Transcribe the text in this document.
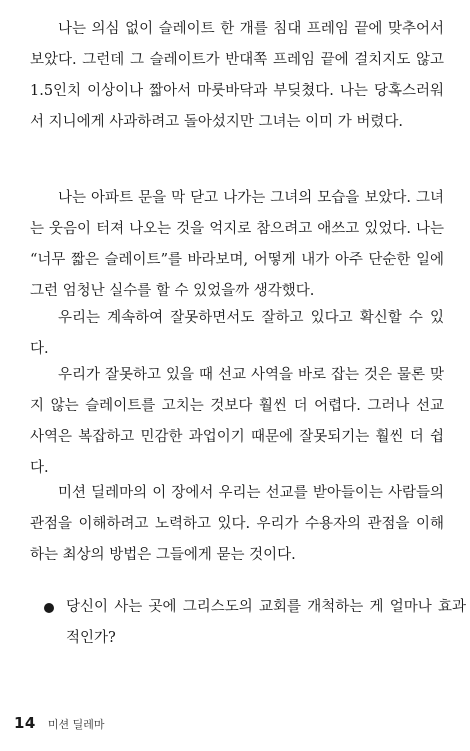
나는 의심 없이 슬레이트 한 개를 침대 프레임 끝에 맞추어서 보았다. 그런데 그 슬레이트가 반대쪽 프레임 끝에 걸치지도 않고 1.5인치 이상이나 짧아서 마룻바닥과 부딪쳤다. 나는 당혹스러워서 지니에게 사과하려고 돌아섰지만 그녀는 이미 가 버렸다.

나는 아파트 문을 막 닫고 나가는 그녀의 모습을 보았다. 그녀는 웃음이 터져 나오는 것을 억지로 참으려고 애쓰고 있었다. 나는 “너무 짧은 슬레이트”를 바라보며, 어떻게 내가 아주 단순한 일에 그런 엄청난 실수를 할 수 있었을까 생각했다.

우리는 계속하여 잘못하면서도 잘하고 있다고 확신할 수 있다.

우리가 잘못하고 있을 때 선교 사역을 바로 잡는 것은 물론 맞지 않는 슬레이트를 고치는 것보다 훨씬 더 어렵다. 그러나 선교 사역은 복잡하고 민감한 과업이기 때문에 잘못되기는 훨씬 더 쉽다.

미션 딜레마의 이 장에서 우리는 선교를 받아들이는 사람들의 관점을 이해하려고 노력하고 있다. 우리가 수용자의 관점을 이해하는 최상의 방법은 그들에게 묻는 것이다.

당신이 사는 곳에 그리스도의 교회를 개척하는 게 얼마나 효과적인가?
14 미션 딜레마
